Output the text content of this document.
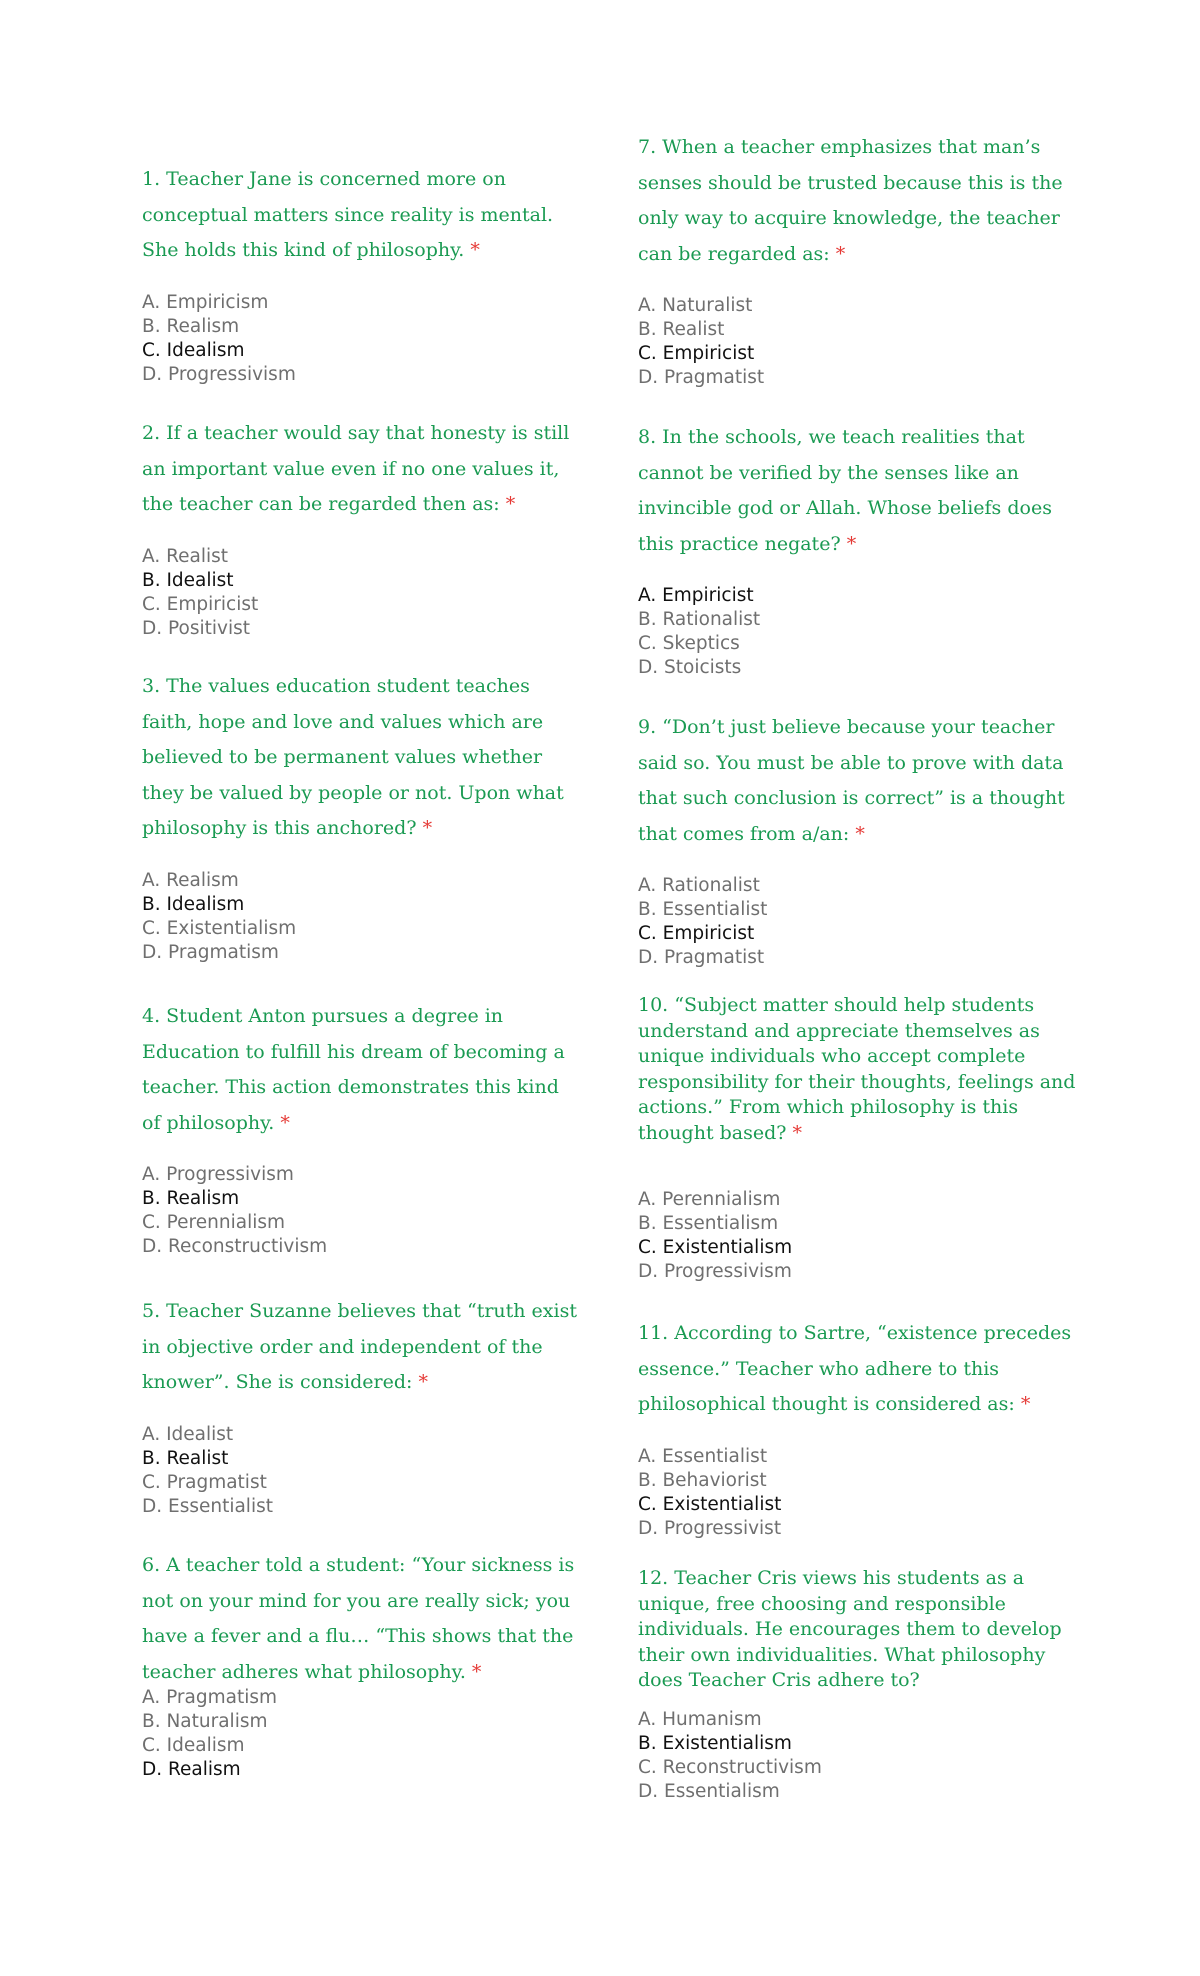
1. Teacher Jane is concerned more on conceptual matters since reality is mental. She holds this kind of philosophy. *

A. Empiricism
B. Realism
C. Idealism
D. Progressivism

2. If a teacher would say that honesty is still an important value even if no one values it, the teacher can be regarded then as: *

A. Realist
B. Idealist
C. Empiricist
D. Positivist

3. The values education student teaches faith, hope and love and values which are believed to be permanent values whether they be valued by people or not. Upon what philosophy is this anchored? *

A. Realism
B. Idealism
C. Existentialism
D. Pragmatism

4. Student Anton pursues a degree in Education to fulfill his dream of becoming a teacher. This action demonstrates this kind of philosophy. *

A. Progressivism
B. Realism
C. Perennialism
D. Reconstructivism

5. Teacher Suzanne believes that “truth exist in objective order and independent of the knower”. She is considered: *

A. Idealist
B. Realist
C. Pragmatist
D. Essentialist

6. A teacher told a student: “Your sickness is not on your mind for you are really sick; you have a fever and a flu… “This shows that the teacher adheres what philosophy. *

A. Pragmatism
B. Naturalism
C. Idealism
D. Realism

7. When a teacher emphasizes that man’s senses should be trusted because this is the only way to acquire knowledge, the teacher can be regarded as: *

A. Naturalist
B. Realist
C. Empiricist
D. Pragmatist

8. In the schools, we teach realities that cannot be verified by the senses like an invincible god or Allah. Whose beliefs does this practice negate? *

A. Empiricist
B. Rationalist
C. Skeptics
D. Stoicists

9. “Don’t just believe because your teacher said so. You must be able to prove with data that such conclusion is correct” is a thought that comes from a/an: *

A. Rationalist
B. Essentialist
C. Empiricist
D. Pragmatist

10. “Subject matter should help students understand and appreciate themselves as unique individuals who accept complete responsibility for their thoughts, feelings and actions.” From which philosophy is this thought based? *

A. Perennialism
B. Essentialism
C. Existentialism
D. Progressivism

11. According to Sartre, “existence precedes essence.” Teacher who adhere to this philosophical thought is considered as: *

A. Essentialist
B. Behaviorist
C. Existentialist
D. Progressivist

12. Teacher Cris views his students as a unique, free choosing and responsible individuals. He encourages them to develop their own individualities. What philosophy does Teacher Cris adhere to?

A. Humanism
B. Existentialism
C. Reconstructivism
D. Essentialism
